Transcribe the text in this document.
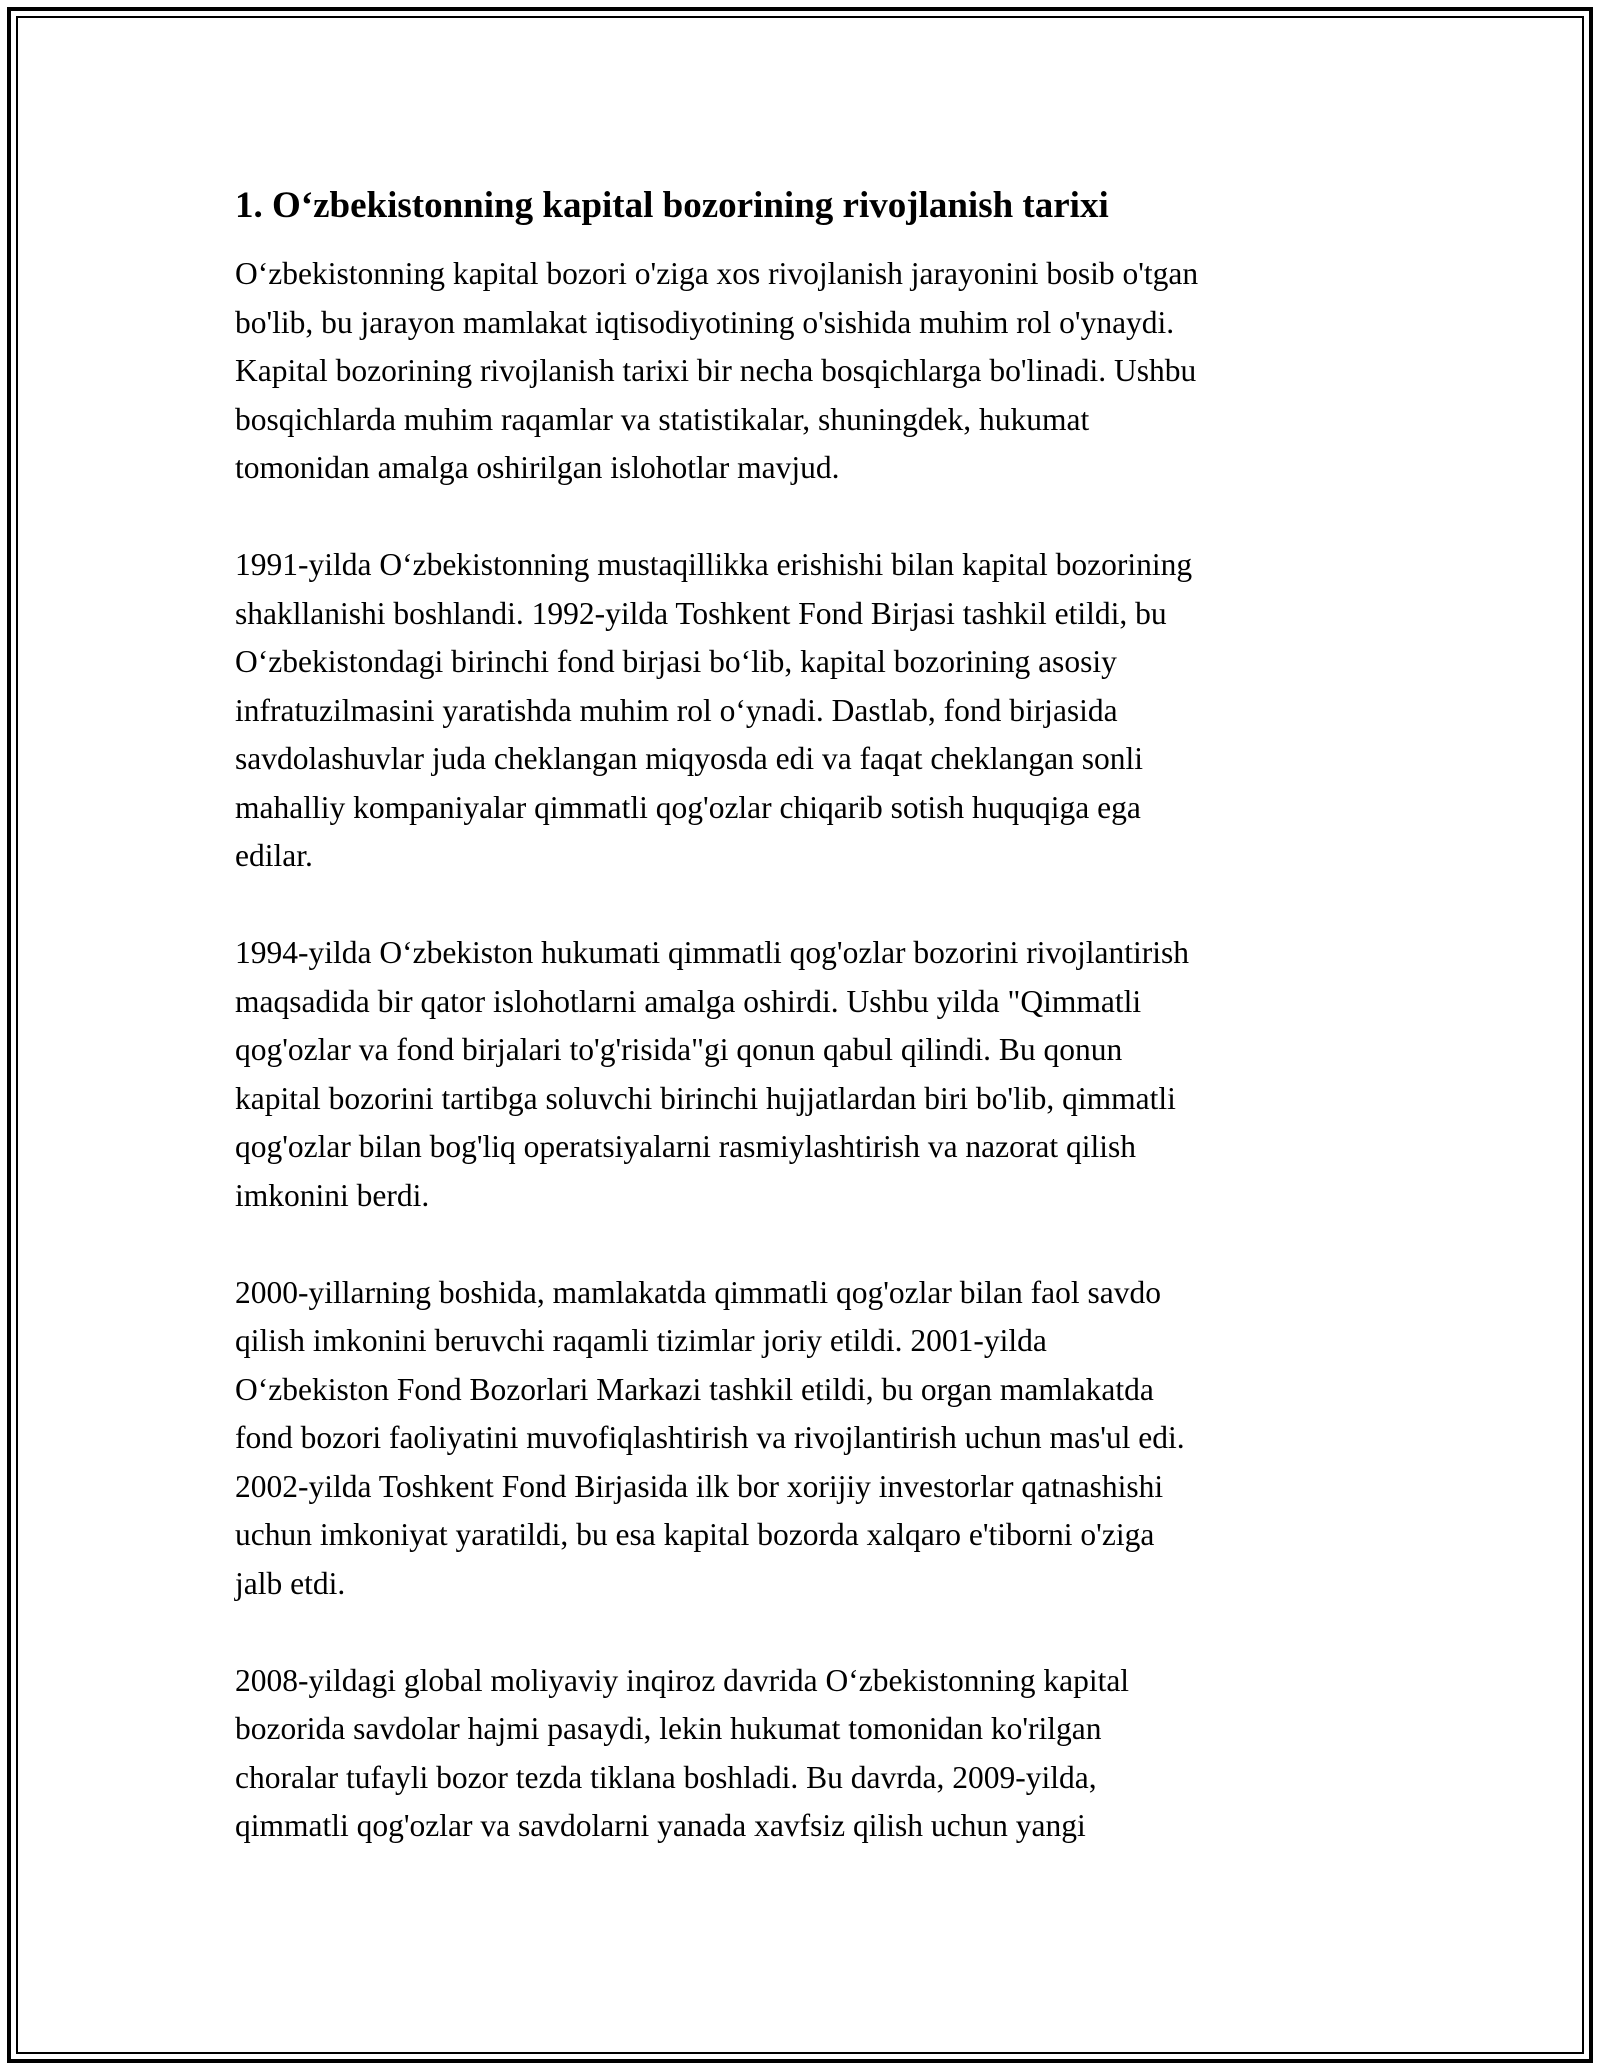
1. O‘zbekistonning kapital bozorining rivojlanish tarixi

O‘zbekistonning kapital bozori o'ziga xos rivojlanish jarayonini bosib o'tgan
bo'lib, bu jarayon mamlakat iqtisodiyotining o'sishida muhim rol o'ynaydi.
Kapital bozorining rivojlanish tarixi bir necha bosqichlarga bo'linadi. Ushbu
bosqichlarda muhim raqamlar va statistikalar, shuningdek, hukumat
tomonidan amalga oshirilgan islohotlar mavjud.

1991-yilda O‘zbekistonning mustaqillikka erishishi bilan kapital bozorining
shakllanishi boshlandi. 1992-yilda Toshkent Fond Birjasi tashkil etildi, bu
O‘zbekistondagi birinchi fond birjasi bo‘lib, kapital bozorining asosiy
infratuzilmasini yaratishda muhim rol o‘ynadi. Dastlab, fond birjasida
savdolashuvlar juda cheklangan miqyosda edi va faqat cheklangan sonli
mahalliy kompaniyalar qimmatli qog'ozlar chiqarib sotish huquqiga ega
edilar.

1994-yilda O‘zbekiston hukumati qimmatli qog'ozlar bozorini rivojlantirish
maqsadida bir qator islohotlarni amalga oshirdi. Ushbu yilda "Qimmatli
qog'ozlar va fond birjalari to'g'risida"gi qonun qabul qilindi. Bu qonun
kapital bozorini tartibga soluvchi birinchi hujjatlardan biri bo'lib, qimmatli
qog'ozlar bilan bog'liq operatsiyalarni rasmiylashtirish va nazorat qilish
imkonini berdi.

2000-yillarning boshida, mamlakatda qimmatli qog'ozlar bilan faol savdo
qilish imkonini beruvchi raqamli tizimlar joriy etildi. 2001-yilda
O‘zbekiston Fond Bozorlari Markazi tashkil etildi, bu organ mamlakatda
fond bozori faoliyatini muvofiqlashtirish va rivojlantirish uchun mas'ul edi.
2002-yilda Toshkent Fond Birjasida ilk bor xorijiy investorlar qatnashishi
uchun imkoniyat yaratildi, bu esa kapital bozorda xalqaro e'tiborni o'ziga
jalb etdi.

2008-yildagi global moliyaviy inqiroz davrida O‘zbekistonning kapital
bozorida savdolar hajmi pasaydi, lekin hukumat tomonidan ko'rilgan
choralar tufayli bozor tezda tiklana boshladi. Bu davrda, 2009-yilda,
qimmatli qog'ozlar va savdolarni yanada xavfsiz qilish uchun yangi
